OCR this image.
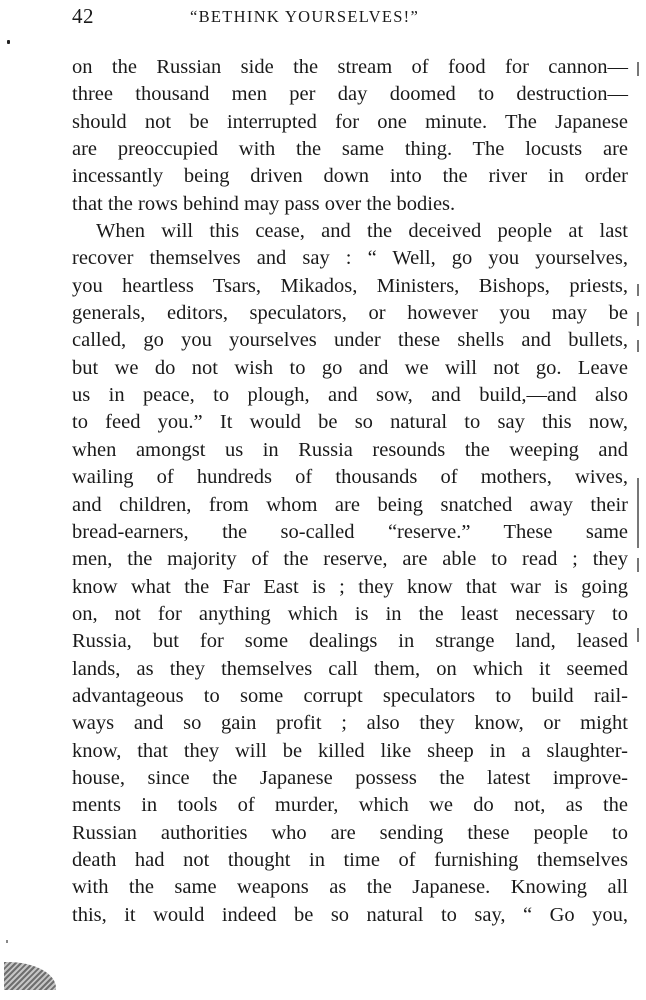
42	“BETHINK YOURSELVES!”
on the Russian side the stream of food for cannon—
three thousand men per day doomed to destruction—
should not be interrupted for one minute. The Japanese
are preoccupied with the same thing. The locusts are
incessantly being driven down into the river in order
that the rows behind may pass over the bodies.
When will this cease, and the deceived people at last
recover themselves and say : “ Well, go you yourselves,
you heartless Tsars, Mikados, Ministers, Bishops, priests,
generals, editors, speculators, or however you may be
called, go you yourselves under these shells and bullets,
but we do not wish to go and we will not go. Leave
us in peace, to plough, and sow, and build,—and also
to feed you.” It would be so natural to say this now,
when amongst us in Russia resounds the weeping and
wailing of hundreds of thousands of mothers, wives,
and children, from whom are being snatched away their
bread-earners, the so-called “reserve.” These same
men, the majority of the reserve, are able to read ; they
know what the Far East is ; they know that war is going
on, not for anything which is in the least necessary to
Russia, but for some dealings in strange land, leased
lands, as they themselves call them, on which it seemed
advantageous to some corrupt speculators to build rail-
ways and so gain profit ; also they know, or might
know, that they will be killed like sheep in a slaughter-
house, since the Japanese possess the latest improve-
ments in tools of murder, which we do not, as the
Russian authorities who are sending these people to
death had not thought in time of furnishing themselves
with the same weapons as the Japanese. Knowing all
this, it would indeed be so natural to say, “ Go you,
